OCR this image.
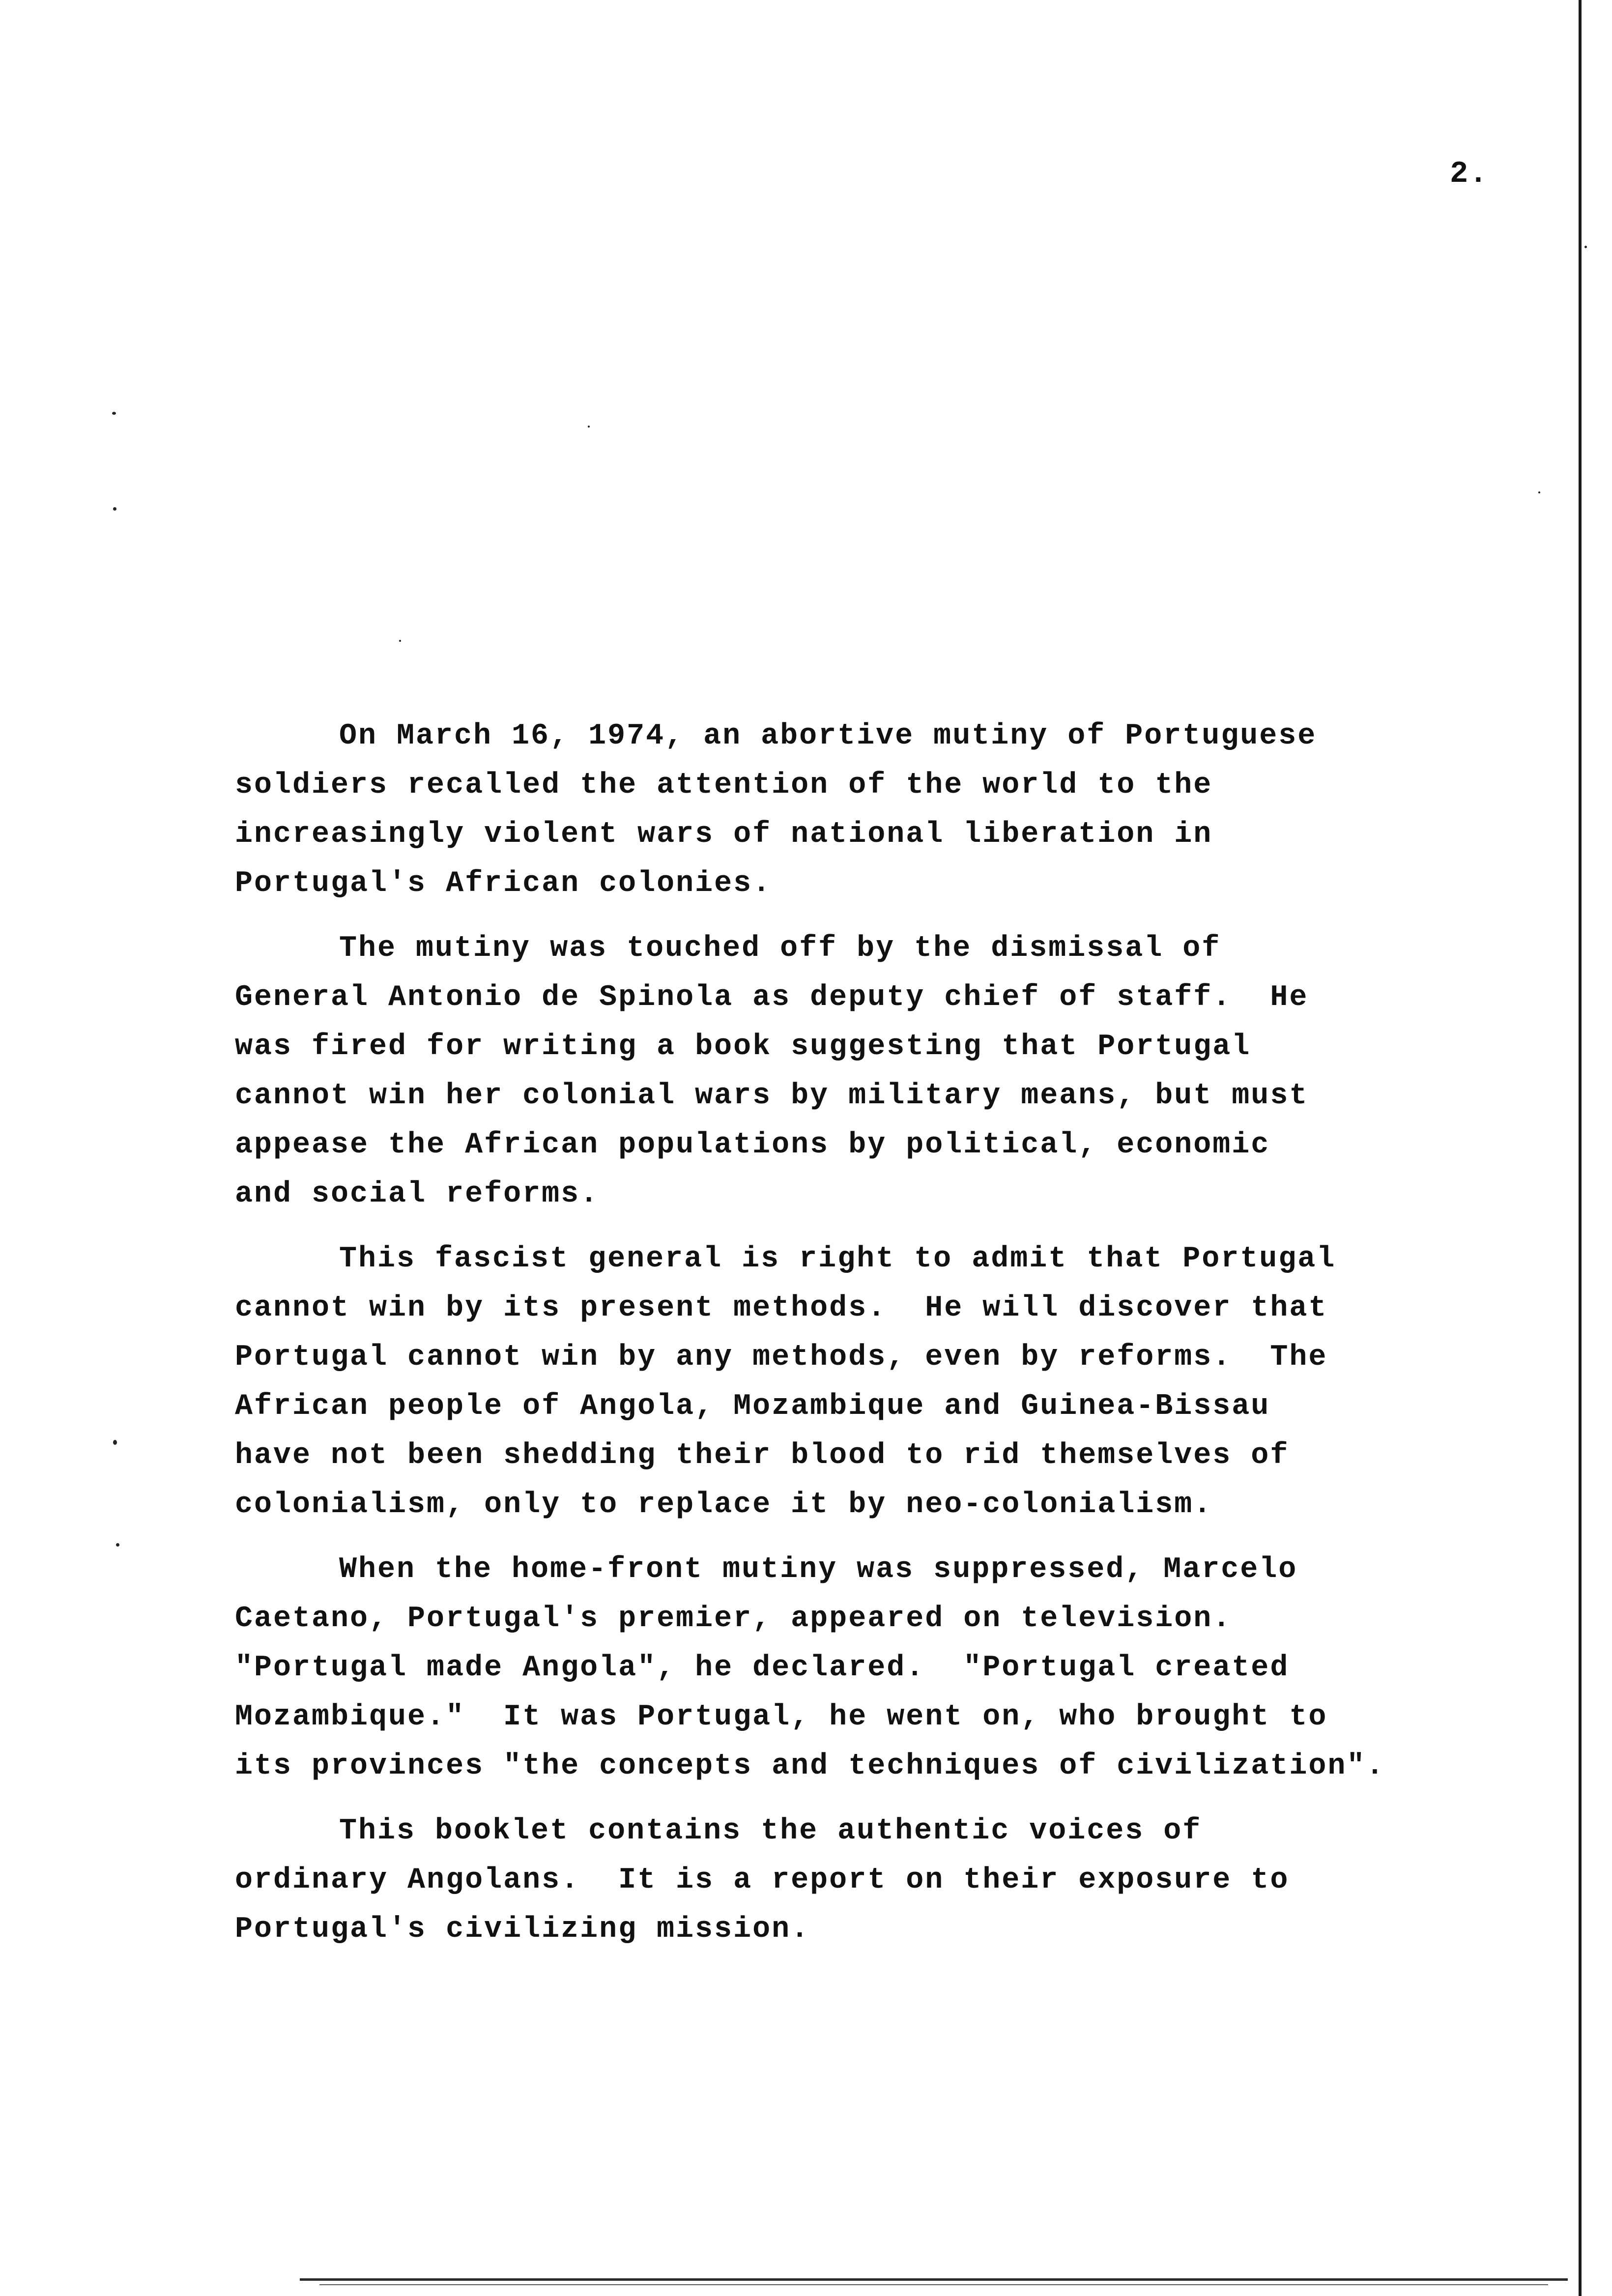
2.

On March 16, 1974, an abortive mutiny of Portuguese
soldiers recalled the attention of the world to the
increasingly violent wars of national liberation in
Portugal's African colonies.

The mutiny was touched off by the dismissal of
General Antonio de Spinola as deputy chief of staff.  He
was fired for writing a book suggesting that Portugal
cannot win her colonial wars by military means, but must
appease the African populations by political, economic
and social reforms.

This fascist general is right to admit that Portugal
cannot win by its present methods.  He will discover that
Portugal cannot win by any methods, even by reforms.  The
African people of Angola, Mozambique and Guinea-Bissau
have not been shedding their blood to rid themselves of
colonialism, only to replace it by neo-colonialism.

When the home-front mutiny was suppressed, Marcelo
Caetano, Portugal's premier, appeared on television.
"Portugal made Angola", he declared.  "Portugal created
Mozambique."  It was Portugal, he went on, who brought to
its provinces "the concepts and techniques of civilization".

This booklet contains the authentic voices of
ordinary Angolans.  It is a report on their exposure to
Portugal's civilizing mission.
